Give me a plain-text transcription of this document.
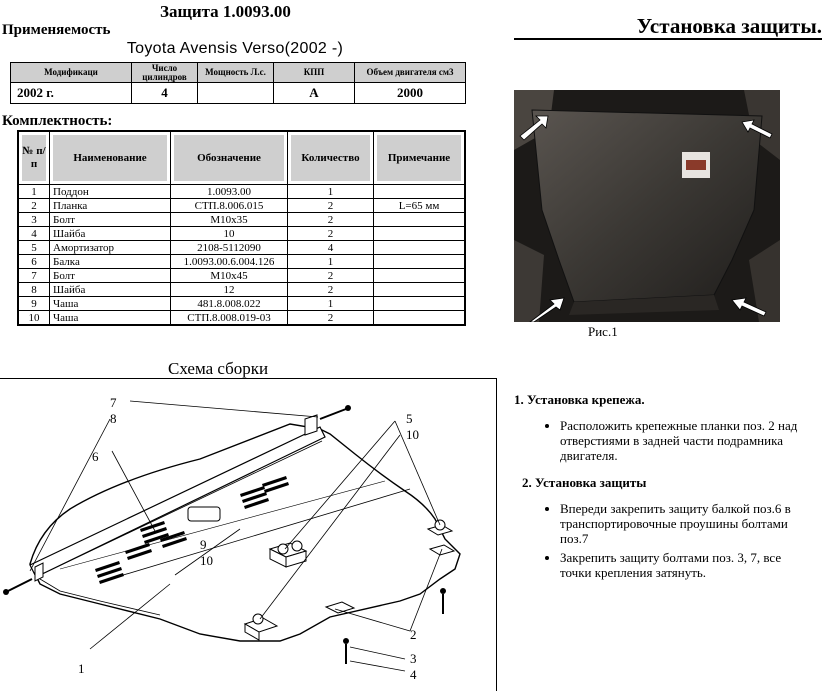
Защита 1.0093.00
Применяемость
Toyota Avensis Verso(2002 -)
Установка защиты.
Модификаци	Число цилиндров	Мощность Л.с.	КПП	Объем двигателя см3
2002 г.	4		А	2000
Комплектность:
№ п/п	Наименование	Обозначение	Количество	Примечание

1	Поддон	1.0093.00	1	
2	Планка	СТП.8.006.015	2	L=65 мм
3	Болт	М10х35	2	
4	Шайба	10	2	
5	Амортизатор	2108-5112090	4	
6	Балка	1.0093.00.6.004.126	1	
7	Болт	М10х45	2	
8	Шайба	12	2	
9	Чаша	481.8.008.022	1	
10	Чаша	СТП.8.008.019-03	2	
Рис.1
Схема сборки
7
8
6
5
10
9
10
1
2
3
4
1. Установка крепежа.
• Расположить крепежные планки поз. 2 над отверстиями в задней части подрамника двигателя.
2. Установка защиты
• Впереди закрепить защиту балкой поз.6 в транспортировочные проушины болтами поз.7
• Закрепить защиту болтами поз. 3, 7, все точки крепления затянуть.
